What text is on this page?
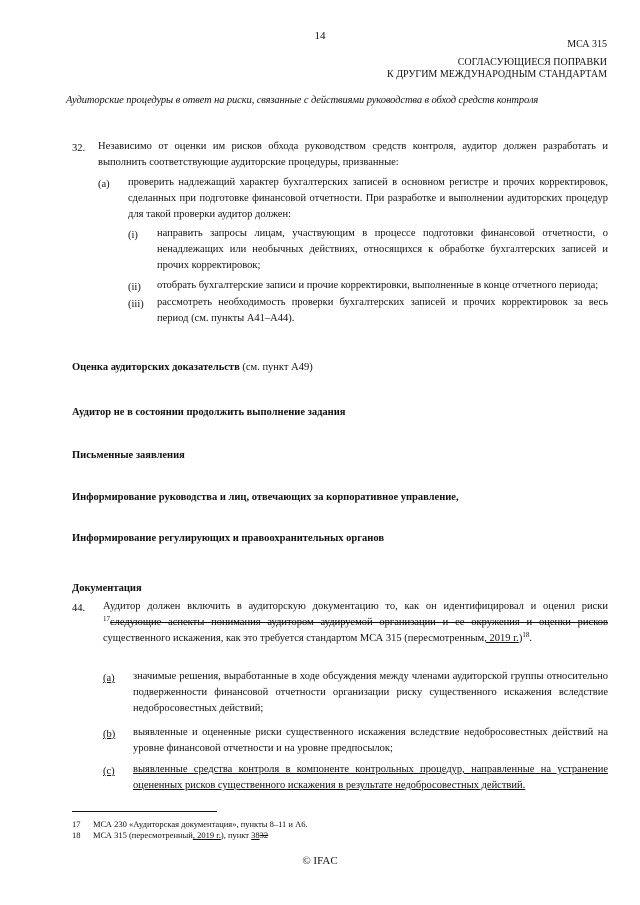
14
МСА 315
СОГЛАСУЮЩИЕСЯ ПОПРАВКИ
К ДРУГИМ МЕЖДУНАРОДНЫМ СТАНДАРТАМ
Аудиторские процедуры в ответ на риски, связанные с действиями руководства в обход средств контроля
32. Независимо от оценки им рисков обхода руководством средств контроля, аудитор должен разработать и выполнить соответствующие аудиторские процедуры, призванные:
(a) проверить надлежащий характер бухгалтерских записей в основном регистре и прочих корректировок, сделанных при подготовке финансовой отчетности. При разработке и выполнении аудиторских процедур для такой проверки аудитор должен:
(i) направить запросы лицам, участвующим в процессе подготовки финансовой отчетности, о ненадлежащих или необычных действиях, относящихся к обработке бухгалтерских записей и прочих корректировок;
(ii) отобрать бухгалтерские записи и прочие корректировки, выполненные в конце отчетного периода;
(iii) рассмотреть необходимость проверки бухгалтерских записей и прочих корректировок за весь период (см. пункты A41–A44).
Оценка аудиторских доказательств (см. пункт A49)
Аудитор не в состоянии продолжить выполнение задания
Письменные заявления
Информирование руководства и лиц, отвечающих за корпоративное управление,
Информирование регулирующих и правоохранительных органов
Документация
44. Аудитор должен включить в аудиторскую документацию то, как он идентифицировал и оценил риски $^{17}$следующие аспекты понимания аудитором аудируемой организации и ее окружения и оценки рисков существенного искажения, как это требуется стандартом МСА 315 (пересмотренным, 2019 г.)$^{18}$.
(a) значимые решения, выработанные в ходе обсуждения между членами аудиторской группы относительно подверженности финансовой отчетности организации риску существенного искажения вследствие недобросовестных действий;
(b) выявленные и оцененные риски существенного искажения вследствие недобросовестных действий на уровне финансовой отчетности и на уровне предпосылок;
(c) выявленные средства контроля в компоненте контрольных процедур, направленные на устранение оцененных рисков существенного искажения в результате недобросовестных действий.
17 МСА 230 «Аудиторская документация», пункты 8–11 и A6.
18 МСА 315 (пересмотренный, 2019 г.), пункт 3832
© IFAC
